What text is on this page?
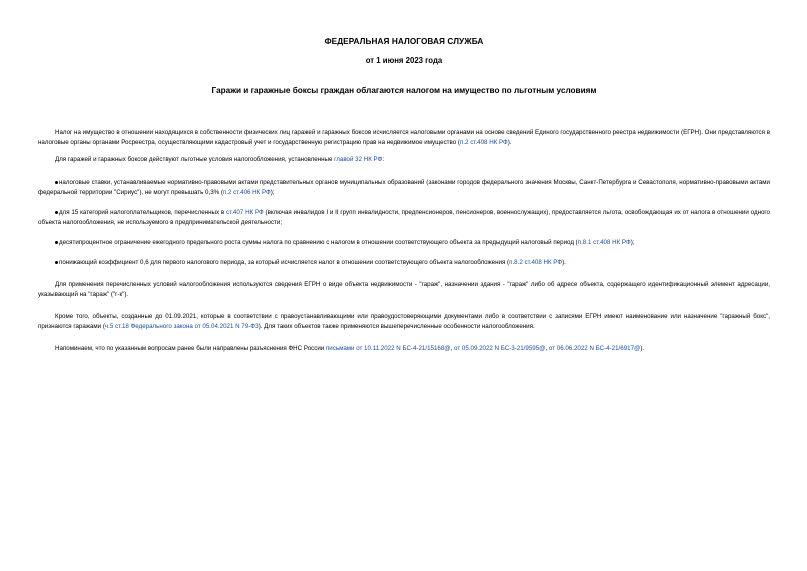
ФЕДЕРАЛЬНАЯ НАЛОГОВАЯ СЛУЖБА
от 1 июня 2023 года
Гаражи и гаражные боксы граждан облагаются налогом на имущество по льготным условиям

Налог на имущество в отношении находящихся в собственности физических лиц гаражей и гаражных боксов исчисляется налоговыми органами на основе сведений Единого государственного реестра недвижимости (ЕГРН). Они представляются в налоговые органы органами Росреестра, осуществляющими кадастровый учет и государственную регистрацию прав на недвижимое имущество (п.2 ст.408 НК РФ).

Для гаражей и гаражных боксов действуют льготные условия налогообложения, установленные главой 32 НК РФ:

налоговые ставки, устанавливаемые нормативно-правовыми актами представительных органов муниципальных образований (законами городов федерального значения Москвы, Санкт-Петербурга и Севастополя, нормативно-правовыми актами федеральной территории "Сириус"), не могут превышать 0,3% (п.2 ст.406 НК РФ);

для 15 категорий налогоплательщиков, перечисленных в ст.407 НК РФ (включая инвалидов I и II групп инвалидности, предпенсионеров, пенсионеров, военнослужащих), предоставляется льгота, освобождающая их от налога в отношении одного объекта налогообложения, не используемого в предпринимательской деятельности;

десятипроцентное ограничение ежегодного предельного роста суммы налога по сравнению с налогом в отношении соответствующего объекта за предыдущий налоговый период (п.8.1 ст.408 НК РФ);

понижающий коэффициент 0,6 для первого налогового периода, за который исчисляется налог в отношении соответствующего объекта налогообложения (п.8.2 ст.408 НК РФ).

Для применения перечисленных условий налогообложения используются сведения ЕГРН о виде объекта недвижимости - "гараж", назначении здания - "гараж" либо об адресе объекта, содержащего идентификационный элемент адресации, указывающий на "гараж" ("г-к").

Кроме того, объекты, созданные до 01.09.2021, которые в соответствии с правоустанавливающими или правоудостоверяющими документами либо в соответствии с записями ЕГРН имеют наименование или назначение "гаражный бокс", признаются гаражами (ч.5 ст.18 Федерального закона от 05.04.2021 N 79-ФЗ). Для таких объектов также применяются вышеперечисленные особенности налогообложения.

Напоминаем, что по указанным вопросам ранее были направлены разъяснения ФНС России письмами от 10.11.2022 N БС-4-21/15168@, от 05.09.2022 N БС-3-21/9595@, от 06.06.2022 N БС-4-21/6917@).
